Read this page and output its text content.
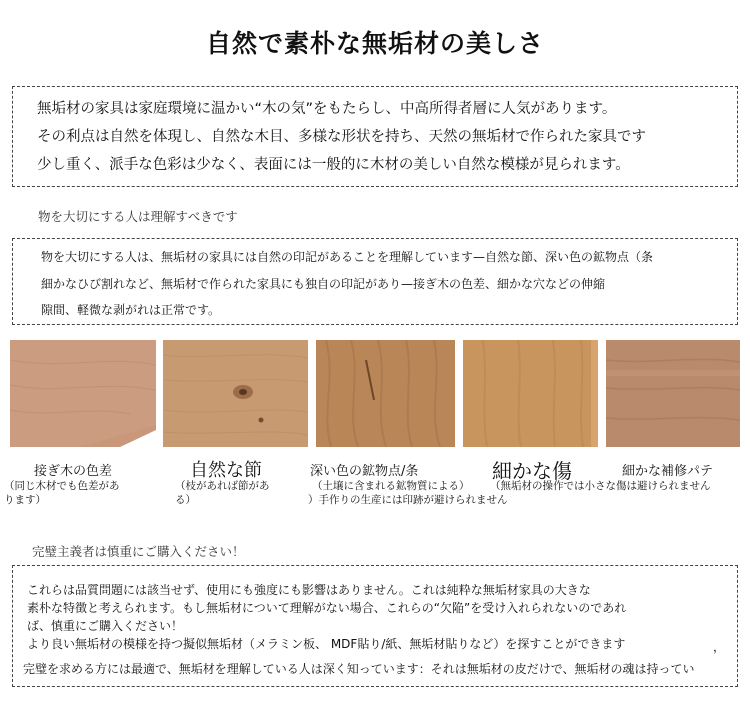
自然で素朴な無垢材の美しさ

無垢材の家具は家庭環境に温かい“木の気”をもたらし、中高所得者層に人気があります。

その利点は自然を体現し、自然な木目、多様な形状を持ち、天然の無垢材で作られた家具です

少し重く、派手な色彩は少なく、表面には一般的に木材の美しい自然な模様が見られます。

物を大切にする人は理解すべきです

物を大切にする人は、無垢材の家具には自然の印記があることを理解しています—自然な節、深い色の鉱物点（条

細かなひび割れなど、無垢材で作られた家具にも独自の印記があり—接ぎ木の色差、細かな穴などの伸縮

隙間、軽微な剥がれは正常です。

接ぎ木の色差
（同じ木材でも色差があ
ります）
自然な節
（枝があれば節があ
る）
深い色の鉱物点/条
（土壌に含まれる鉱物質による）
）手作りの生産には印跡が避けられません
細かな傷
（無垢材の操作では小さな傷は避けられません
細かな補修パテ
完璧主義者は慎重にご購入ください！

これらは品質問題には該当せず、使用にも強度にも影響はありません。これは純粋な無垢材家具の大きな

素朴な特徴と考えられます。もし無垢材について理解がない場合、これらの“欠陥”を受け入れられないのであれ

ば、慎重にご購入ください！

より良い無垢材の模様を持つ擬似無垢材（メラミン板、 MDF貼り/紙、無垢材貼りなど）を探すことができます	，

完璧を求める方には最適で、無垢材を理解している人は深く知っています：それは無垢材の皮だけで、無垢材の魂は持ってい
